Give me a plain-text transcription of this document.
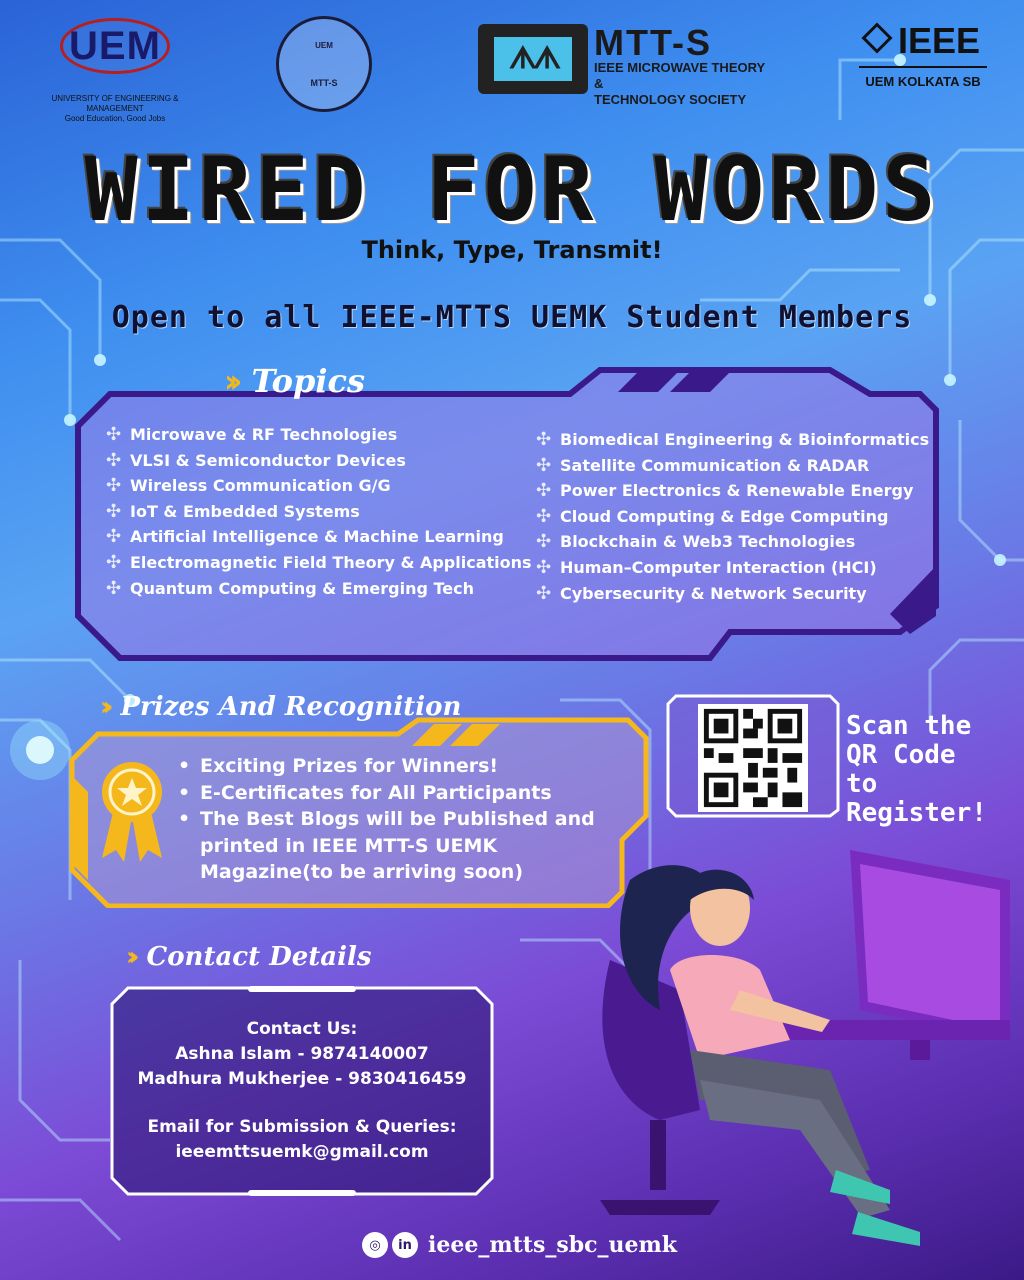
UEM
UNIVERSITY OF ENGINEERING & MANAGEMENT
Good Education, Good Jobs
UEM
MTT-S
ᗑᗑ	MTT-S
IEEE MICROWAVE THEORY &
TECHNOLOGY SOCIETY
IEEE
UEM KOLKATA SB
WIRED FOR WORDS
Think, Type, Transmit!
Open to all IEEE-MTTS UEMK Student Members
›› Topics
✣ Microwave & RF Technologies
✣ VLSI & Semiconductor Devices
✣ Wireless Communication G/G
✣ IoT & Embedded Systems
✣ Artificial Intelligence & Machine Learning
✣ Electromagnetic Field Theory & Applications
✣ Quantum Computing & Emerging Tech
✣ Biomedical Engineering & Bioinformatics
✣ Satellite Communication & RADAR
✣ Power Electronics & Renewable Energy
✣ Cloud Computing & Edge Computing
✣ Blockchain & Web3 Technologies
✣ Human–Computer Interaction (HCI)
✣ Cybersecurity & Network Security
›› Prizes And Recognition
• Exciting Prizes for Winners!
• E-Certificates for All Participants
• The Best Blogs will be Published and printed in IEEE MTT-S UEMK Magazine(to be arriving soon)
Scan the QR Code to Register!
›› Contact Details
Contact Us:
Ashna Islam - 9874140007
Madhura Mukherjee - 9830416459
Email for Submission & Queries:
ieeemttsuemk@gmail.com
◎	in ieee_mtts_sbc_uemk
